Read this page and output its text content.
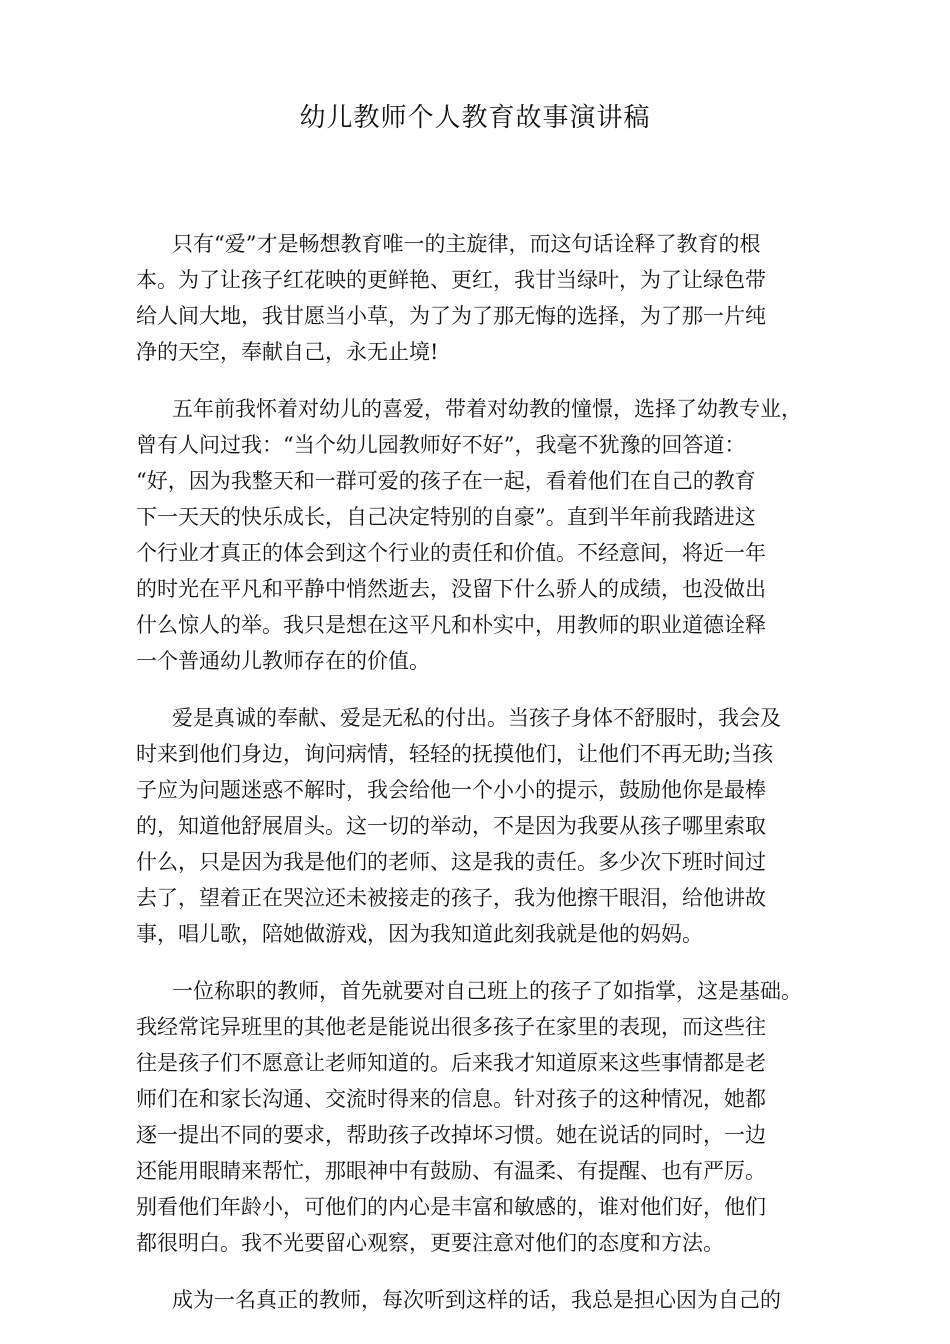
幼儿教师个人教育故事演讲稿
只有“爱”才是畅想教育唯一的主旋律，而这句话诠释了教育的根
本。为了让孩子红花映的更鲜艳、更红，我甘当绿叶，为了让绿色带
给人间大地，我甘愿当小草，为了为了那无悔的选择，为了那一片纯
净的天空，奉献自己，永无止境!
五年前我怀着对幼儿的喜爱，带着对幼教的憧憬，选择了幼教专业，
曾有人问过我：“当个幼儿园教师好不好”，我毫不犹豫的回答道：
“好，因为我整天和一群可爱的孩子在一起，看着他们在自己的教育
下一天天的快乐成长，自己决定特别的自豪”。直到半年前我踏进这
个行业才真正的体会到这个行业的责任和价值。不经意间，将近一年
的时光在平凡和平静中悄然逝去，没留下什么骄人的成绩，也没做出
什么惊人的举。我只是想在这平凡和朴实中，用教师的职业道德诠释
一个普通幼儿教师存在的价值。
爱是真诚的奉献、爱是无私的付出。当孩子身体不舒服时，我会及
时来到他们身边，询问病情，轻轻的抚摸他们，让他们不再无助;当孩
子应为问题迷惑不解时，我会给他一个小小的提示，鼓励他你是最棒
的，知道他舒展眉头。这一切的举动，不是因为我要从孩子哪里索取
什么，只是因为我是他们的老师、这是我的责任。多少次下班时间过
去了，望着正在哭泣还未被接走的孩子，我为他擦干眼泪，给他讲故
事，唱儿歌，陪她做游戏，因为我知道此刻我就是他的妈妈。
一位称职的教师，首先就要对自己班上的孩子了如指掌，这是基础。
我经常诧异班里的其他老是能说出很多孩子在家里的表现，而这些往
往是孩子们不愿意让老师知道的。后来我才知道原来这些事情都是老
师们在和家长沟通、交流时得来的信息。针对孩子的这种情况，她都
逐一提出不同的要求，帮助孩子改掉坏习惯。她在说话的同时，一边
还能用眼睛来帮忙，那眼神中有鼓励、有温柔、有提醒、也有严厉。
别看他们年龄小，可他们的内心是丰富和敏感的，谁对他们好，他们
都很明白。我不光要留心观察，更要注意对他们的态度和方法。
成为一名真正的教师，每次听到这样的话，我总是担心因为自己的
